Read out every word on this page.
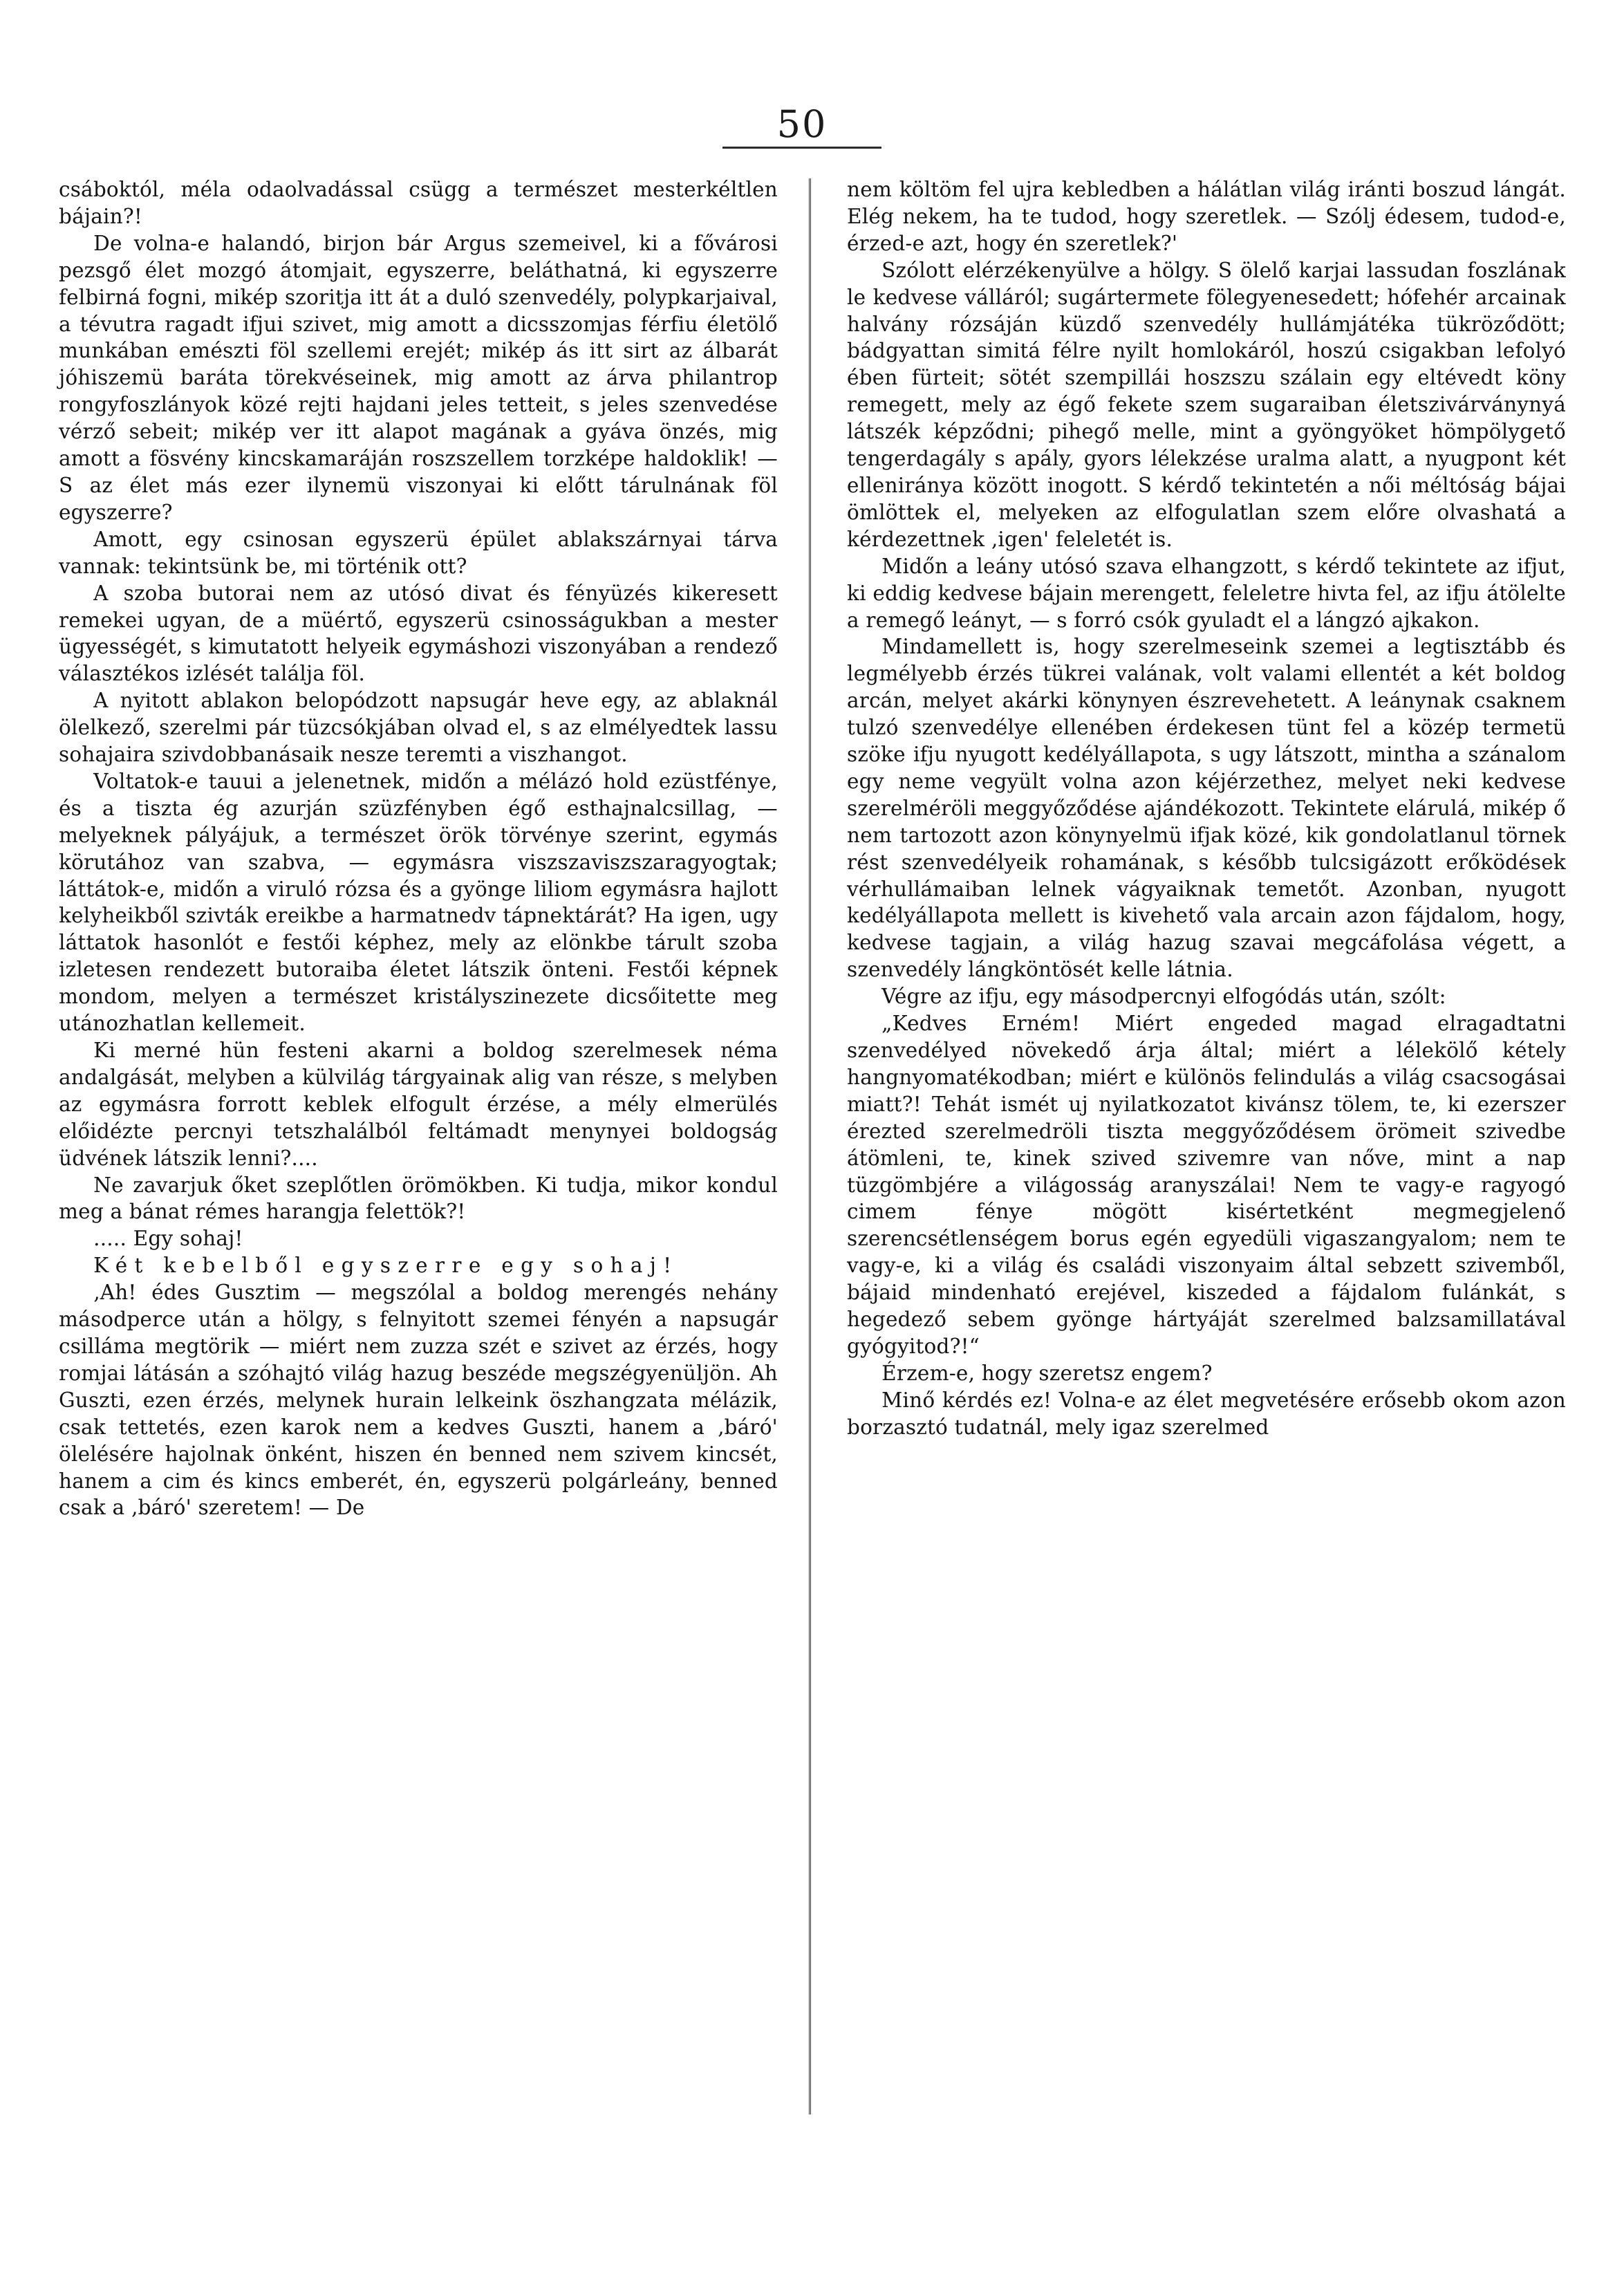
50

csáboktól, méla odaolvadással csügg a természet mesterkéltlen bájain?!

De volna-e halandó, birjon bár Argus szemeivel, ki a fővárosi pezsgő élet mozgó átomjait, egyszerre, beláthatná, ki egyszerre felbirná fogni, mikép szoritja itt át a duló szenvedély, polypkarjaival, a tévutra ragadt ifjui szivet, mig amott a dicsszomjas férfiu életölő munkában emészti föl szellemi erejét; mikép ás itt sirt az álbarát jóhiszemü baráta törekvéseinek, mig amott az árva philantrop rongyfoszlányok közé rejti hajdani jeles tetteit, s jeles szenvedése vérző sebeit; mikép ver itt alapot magának a gyáva önzés, mig amott a fösvény kincskamaráján roszszellem torzképe haldoklik! — S az élet más ezer ilynemü viszonyai ki előtt tárulnának föl egyszerre?

Amott, egy csinosan egyszerü épület ablakszárnyai tárva vannak: tekintsünk be, mi történik ott?

A szoba butorai nem az utósó divat és fényüzés kikeresett remekei ugyan, de a müértő, egyszerü csinosságukban a mester ügyességét, s kimutatott helyeik egymáshozi viszonyában a rendező választékos izlését találja föl.

A nyitott ablakon belopódzott napsugár heve egy, az ablaknál ölelkező, szerelmi pár tüzcsókjában olvad el, s az elmélyedtek lassu sohajaira szivdobbanásaik nesze teremti a viszhangot.

Voltatok-e tauui a jelenetnek, midőn a mélázó hold ezüstfénye, és a tiszta ég azurján szüzfényben égő esthajnalcsillag, — melyeknek pályájuk, a természet örök törvénye szerint, egymás körutához van szabva, — egymásra viszszaviszszaragyogtak; láttátok-e, midőn a viruló rózsa és a gyönge liliom egymásra hajlott kelyheikből szivták ereikbe a harmatnedv tápnektárát? Ha igen, ugy láttatok hasonlót e festői képhez, mely az elönkbe tárult szoba izletesen rendezett butoraiba életet látszik önteni. Festői képnek mondom, melyen a természet kristályszinezete dicsőitette meg utánozhatlan kellemeit.

Ki merné hün festeni akarni a boldog szerelmesek néma andalgását, melyben a külvilág tárgyainak alig van része, s melyben az egymásra forrott keblek elfogult érzése, a mély elmerülés előidézte percnyi tetszhalálból feltámadt menynyei boldogság üdvének látszik lenni?....

Ne zavarjuk őket szeplőtlen örömökben. Ki tudja, mikor kondul meg a bánat rémes harangja felettök?!

..... Egy sohaj!

Két kebelből egyszerre egy sohaj!

‚Ah! édes Gusztim — megszólal a boldog merengés nehány másodperce után a hölgy, s felnyitott szemei fényén a napsugár csillámа megtörik — miért nem zuzza szét e szivet az érzés, hogy romjai látásán a szóhajtó világ hazug beszéde megszégyenüljön. Ah Guszti, ezen érzés, melynek hurain lelkeink öszhangzata mélázik, csak tettetés, ezen karok nem a kedves Guszti, hanem a ‚báró' ölelésére hajolnak önként, hiszen én benned nem szivem kincsét, hanem a cim és kincs emberét, én, egyszerü polgárleány, benned csak a ‚báró' szeretem! — De

nem költöm fel ujra kebledben a hálátlan világ iránti boszud lángát. Elég nekem, ha te tudod, hogy szeretlek. — Szólj édesem, tudod-e, érzed-e azt, hogy én szeretlek?'

Szólott elérzékenyülve a hölgy. S ölelő karjai lassudan foszlának le kedvese válláról; sugártermete fölegyenesedett; hófehér arcainak halvány rózsáján küzdő szenvedély hullámjátéka tükröződött; bádgyattan simitá félre nyilt homlokáról, hoszú csigakban lefolyó ében fürteit; sötét szempillái hoszszu szálain egy eltévedt köny remegett, mely az égő fekete szem sugaraiban életszivárványnyá látszék képződni; pihegő melle, mint a gyöngyöket hömpölygető tengerdagály s apály, gyors lélekzése uralma alatt, a nyugpont két ellenirányа között inogott. S kérdő tekintetén a női méltóság bájai ömlöttek el, melyeken az elfogulatlan szem előre olvashatá a kérdezettnek ‚igen' feleletét is.

Midőn a leány utósó szava elhangzott, s kérdő tekintete az ifjut, ki eddig kedvese bájain merengett, feleletre hivta fel, az ifju átölelte a remegő leányt, — s forró csók gyuladt el a lángzó ajkakon.

Mindamellett is, hogy szerelmeseink szemei a legtisztább és legmélyebb érzés tükrei valának, volt valami ellentét a két boldog arcán, melyet akárki könynyen észrevehetett. A leánynak csaknem tulzó szenvedélye ellenében érdekesen tünt fel a közép termetü szöke ifju nyugott kedélyállapota, s ugy látszott, mintha a szánalom egy neme vegyült volna azon kéjérzethez, melyet neki kedvese szerelméröli meggyőződése ajándékozott. Tekintete elárulá, mikép ő nem tartozott azon könynyelmü ifjak közé, kik gondolatlanul törnek rést szenvedélyeik rohamának, s később tulcsigázott erőködések vérhullámaiban lelnek vágyaiknak temetőt. Azonban, nyugott kedélyállapota mellett is kivehető vala arcain azon fájdalom, hogy, kedvese tagjain, a világ hazug szavai megcáfolása végett, a szenvedély lángköntösét kelle látnia.

Végre az ifju, egy másodpercnyi elfogódás után, szólt:

„Kedves Erném! Miért engeded magad elragadtatni szenvedélyed növekedő árja által; miért a lélekölő kétely hangnyomatékodban; miért e különös felindulás a világ csacsogásai miatt?! Tehát ismét uj nyilatkozatot kivánsz tölem, te, ki ezerszer érezted szerelmedröli tiszta meggyőződésem örömeit szivedbe átömleni, te, kinek szived szivemre van nőve, mint a nap tüzgömbjére a világosság aranyszálai! Nem te vagy-e ragyogó cimem fénye mögött kisértetként megmegjelenő szerencsétlenségem borus egén egyedüli vigaszangyalom; nem te vagy-e, ki a világ és családi viszonyaim által sebzett szivemből, bájaid mindenható erejével, kiszeded a fájdalom fulánkát, s hegedező sebem gyönge hártyáját szerelmed balzsamillatával gyógyitod?!“

Érzem-e, hogy szeretsz engem?

Minő kérdés ez! Volna-e az élet megvetésére erősebb okom azon borzasztó tudatnál, mely igaz szerelmed
